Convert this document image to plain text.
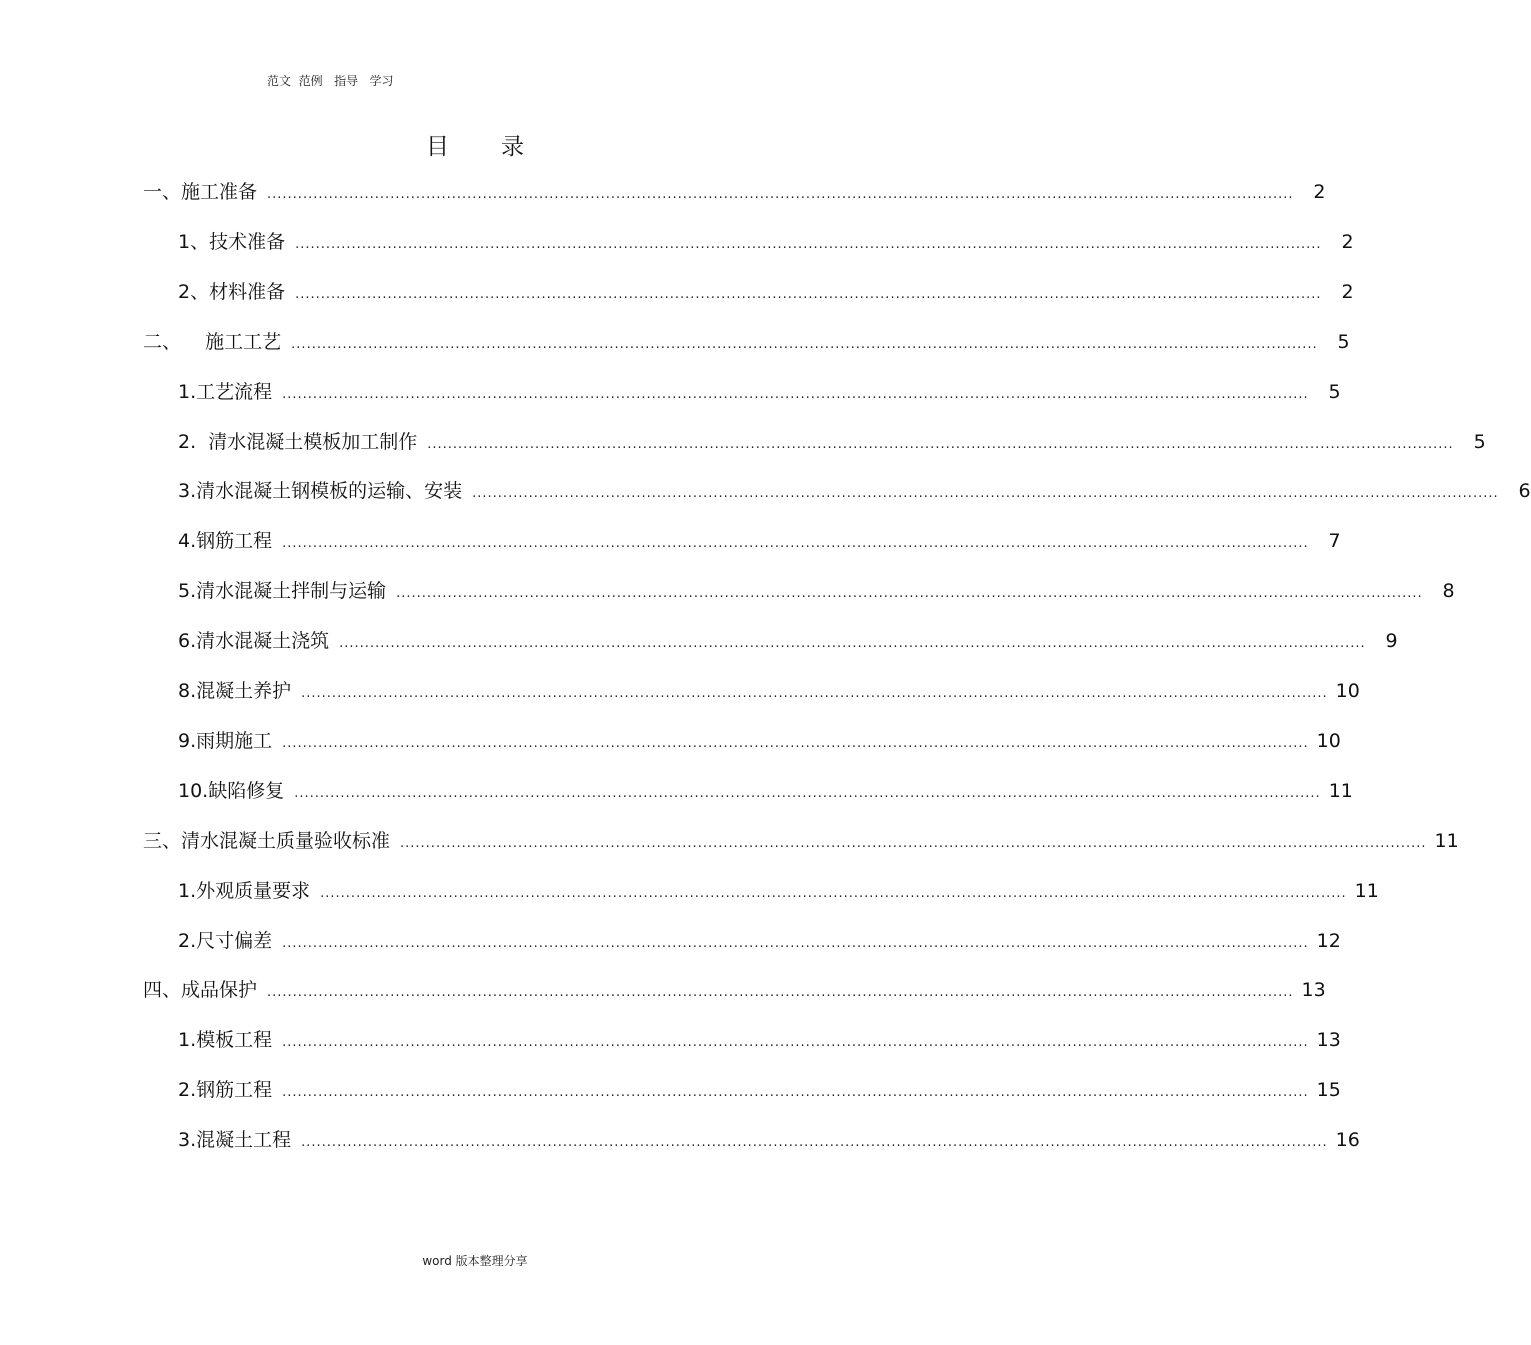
范文  范例   指导   学习
目 录
一、施工准备 ........................................................................................................................................................................................................	2
1、技术准备 ........................................................................................................................................................................................................	2
2、材料准备 ........................................................................................................................................................................................................	2
二、    施工工艺 ........................................................................................................................................................................................................	5
1.工艺流程 ........................................................................................................................................................................................................	5
2.  清水混凝土模板加工制作 ........................................................................................................................................................................................................	5
3.清水混凝土钢模板的运输、安装 ........................................................................................................................................................................................................	6
4.钢筋工程 ........................................................................................................................................................................................................	7
5.清水混凝土拌制与运输 ........................................................................................................................................................................................................	8
6.清水混凝土浇筑 ........................................................................................................................................................................................................	9
8.混凝土养护 ........................................................................................................................................................................................................ 10
9.雨期施工 ........................................................................................................................................................................................................ 10
10.缺陷修复 ........................................................................................................................................................................................................ 11
三、清水混凝土质量验收标准 ........................................................................................................................................................................................................ 11
1.外观质量要求 ........................................................................................................................................................................................................ 11
2.尺寸偏差 ........................................................................................................................................................................................................ 12
四、成品保护 ........................................................................................................................................................................................................ 13
1.模板工程 ........................................................................................................................................................................................................ 13
2.钢筋工程 ........................................................................................................................................................................................................ 15
3.混凝土工程 ........................................................................................................................................................................................................ 16
word 版本整理分享
